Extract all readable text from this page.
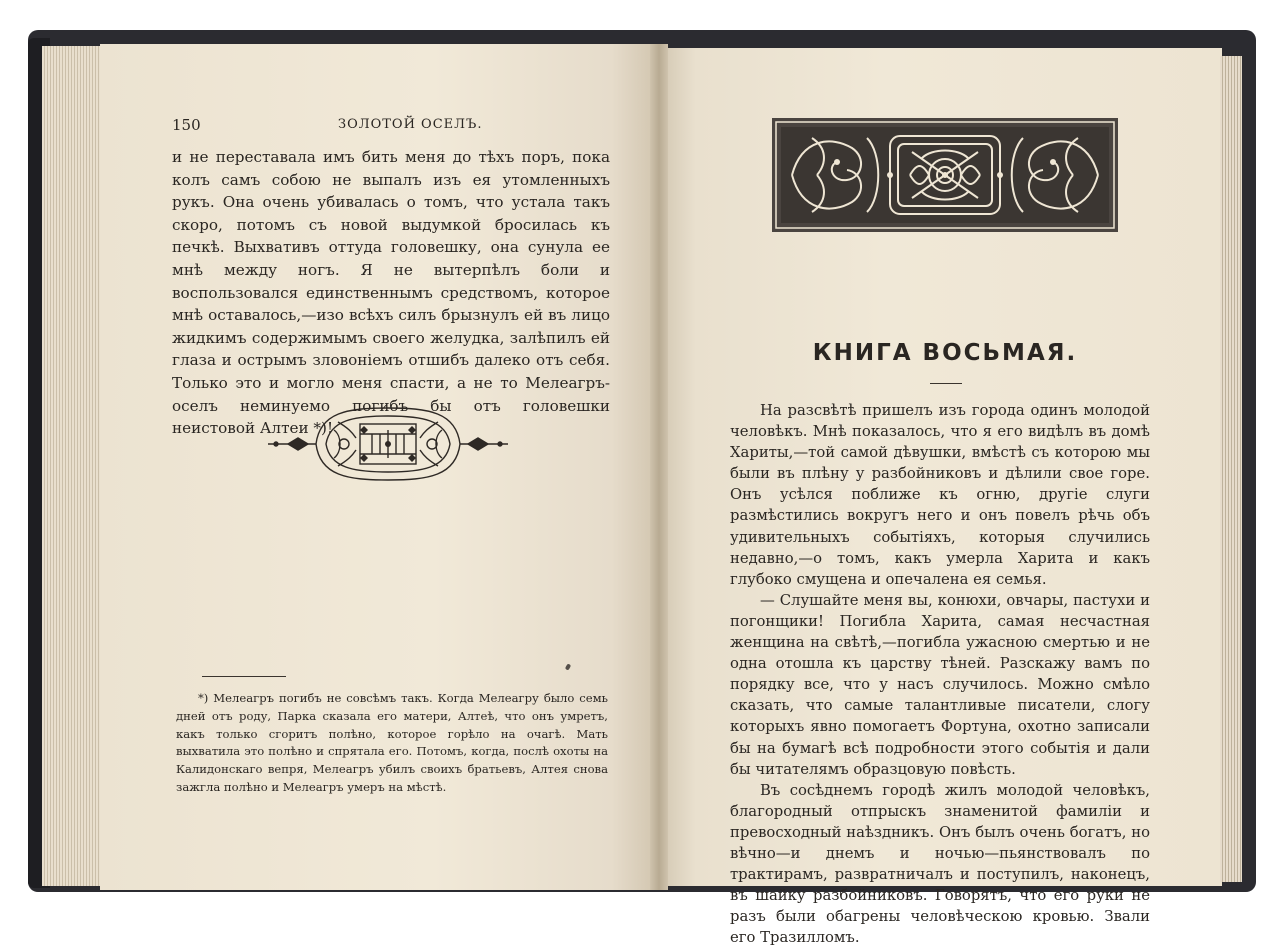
150	ЗОЛОТОЙ ОСЕЛЪ.

и не переставала имъ бить меня до тѣхъ поръ, пока колъ самъ собою не выпалъ изъ ея утомленныхъ рукъ. Она очень убивалась о томъ, что устала такъ скоро, потомъ съ новой выдумкой бросилась къ печкѣ. Выхвативъ оттуда головешку, она сунула ее мнѣ между ногъ. Я не вытерпѣлъ боли и воспользовался единственнымъ средствомъ, которое мнѣ оставалось,—изо всѣхъ силъ брызнулъ ей въ лицо жидкимъ содержимымъ своего желудка, залѣпилъ ей глаза и острымъ зловоніемъ отшибъ далеко отъ себя. Только это и могло меня спасти, а не то Мелеагръ-оселъ неминуемо погибъ бы отъ головешки неистовой Алтеи *)!

*) Мелеагръ погибъ не совсѣмъ такъ. Когда Мелеагру было семь дней отъ роду, Парка сказала его матери, Алтеѣ, что онъ умретъ, какъ только сгоритъ полѣно, которое горѣло на очагѣ. Мать выхватила это полѣно и спрятала его. Потомъ, когда, послѣ охоты на Калидонскаго вепря, Мелеагръ убилъ своихъ братьевъ, Алтея снова зажгла полѣно и Мелеагръ умеръ на мѣстѣ.

КНИГА ВОСЬМАЯ.

На разсвѣтѣ пришелъ изъ города одинъ молодой человѣкъ. Мнѣ показалось, что я его видѣлъ въ домѣ Хариты,—той самой дѣвушки, вмѣстѣ съ которою мы были въ плѣну у разбойниковъ и дѣлили свое горе. Онъ усѣлся поближе къ огню, другіе слуги размѣстились вокругъ него и онъ повелъ рѣчь объ удивительныхъ событіяхъ, которыя случились недавно,—о томъ, какъ умерла Харита и какъ глубоко смущена и опечалена ея семья.

— Слушайте меня вы, конюхи, овчары, пастухи и погонщики! Погибла Харита, самая несчастная женщина на свѣтѣ,—погибла ужасною смертью и не одна отошла къ царству тѣней. Разскажу вамъ по порядку все, что у насъ случилось. Можно смѣло сказать, что самые талантливые писатели, слогу которыхъ явно помогаетъ Фортуна, охотно записали бы на бумагѣ всѣ подробности этого событія и дали бы читателямъ образцовую повѣсть.

Въ сосѣднемъ городѣ жилъ молодой человѣкъ, благородный отпрыскъ знаменитой фамиліи и превосходный наѣздникъ. Онъ былъ очень богатъ, но вѣчно—и днемъ и ночью—пьянствовалъ по трактирамъ, развратничалъ и поступилъ, наконецъ, въ шайку разбойниковъ. Говорятъ, что его руки не разъ были обагрены человѣческою кровью. Звали его Тразилломъ.
